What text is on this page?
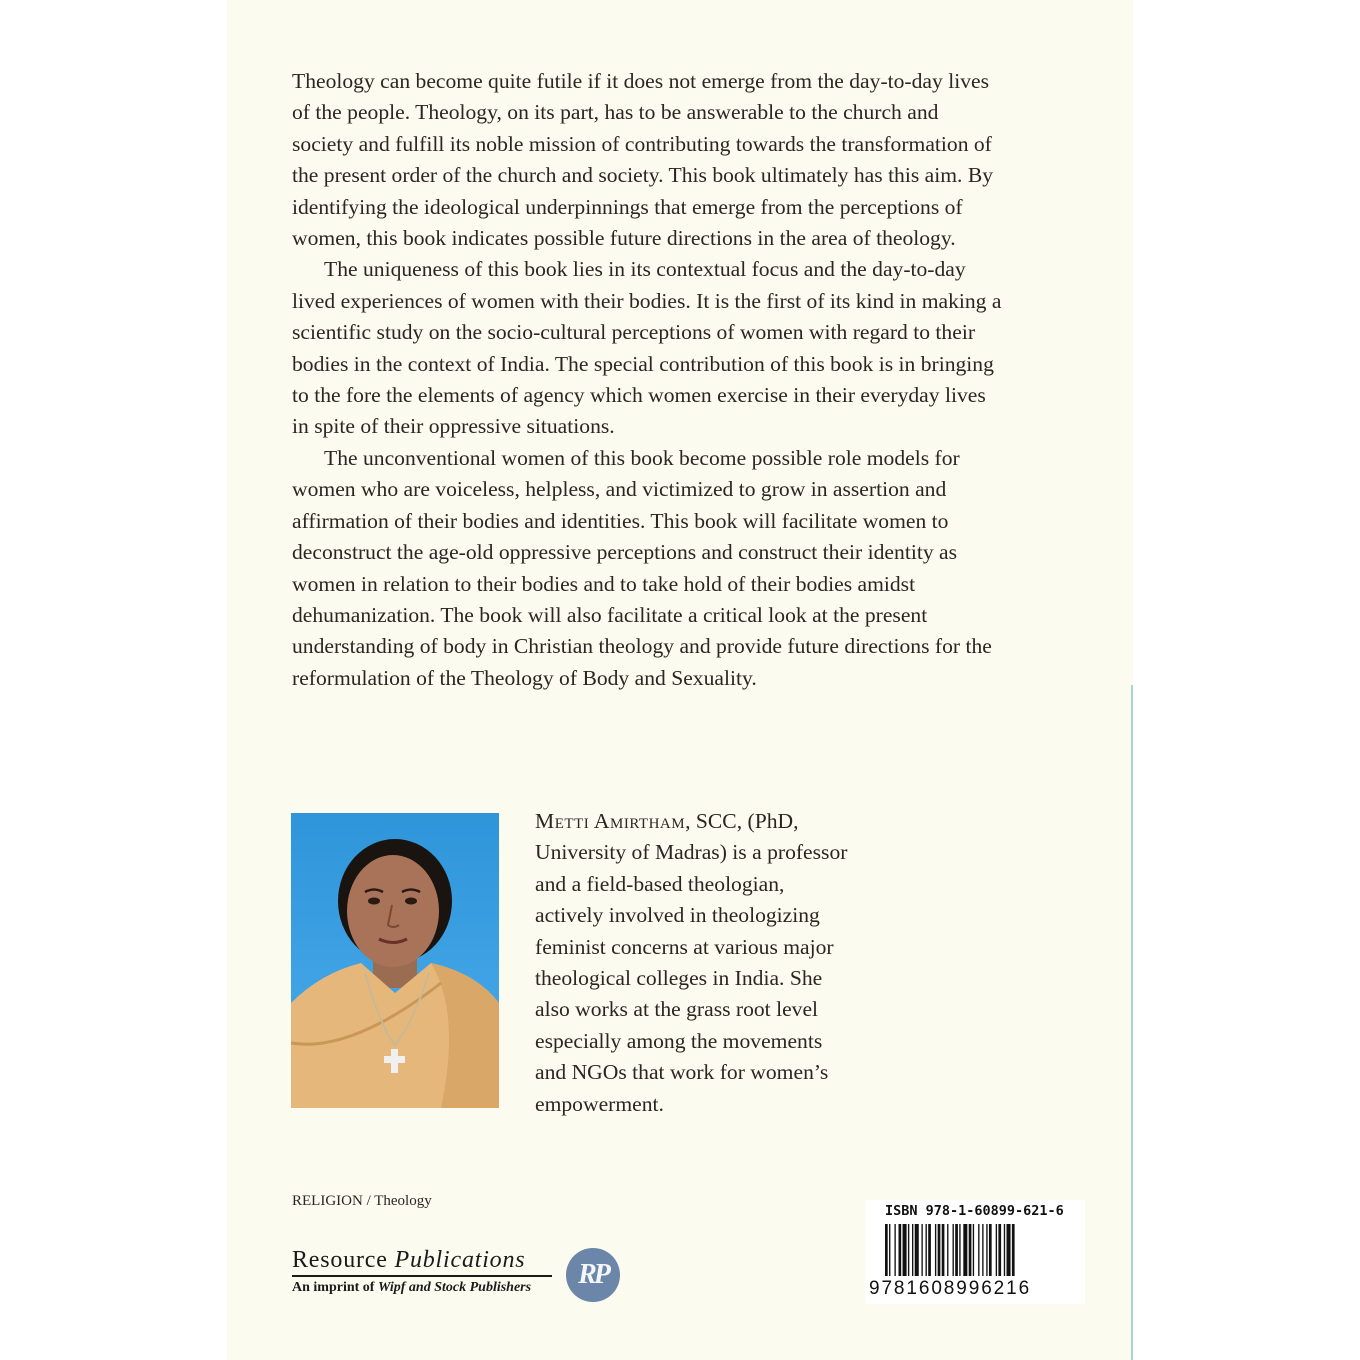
Theology can become quite futile if it does not emerge from the day-to-day lives of the people. Theology, on its part, has to be answerable to the church and society and fulfill its noble mission of contributing towards the transformation of the present order of the church and society. This book ultimately has this aim. By identifying the ideological underpinnings that emerge from the perceptions of women, this book indicates possible future directions in the area of theology.

The uniqueness of this book lies in its contextual focus and the day-to-day lived experiences of women with their bodies. It is the first of its kind in making a scientific study on the socio-cultural perceptions of women with regard to their bodies in the context of India. The special contribution of this book is in bringing to the fore the elements of agency which women exercise in their everyday lives in spite of their oppressive situations.

The unconventional women of this book become possible role models for women who are voiceless, helpless, and victimized to grow in assertion and affirmation of their bodies and identities. This book will facilitate women to deconstruct the age-old oppressive perceptions and construct their identity as women in relation to their bodies and to take hold of their bodies amidst dehumanization. The book will also facilitate a critical look at the present understanding of body in Christian theology and provide future directions for the reformulation of the Theology of Body and Sexuality.

Metti Amirtham, SCC, (PhD, University of Madras) is a professor and a field-based theologian, actively involved in theologizing feminist concerns at various major theological colleges in India. She also works at the grass root level especially among the movements and NGOs that work for women’s empowerment.
RELIGION / Theology
Resource Publications
An imprint of Wipf and Stock Publishers	RP
ISBN 978-1-60899-621-6
9781608996216
